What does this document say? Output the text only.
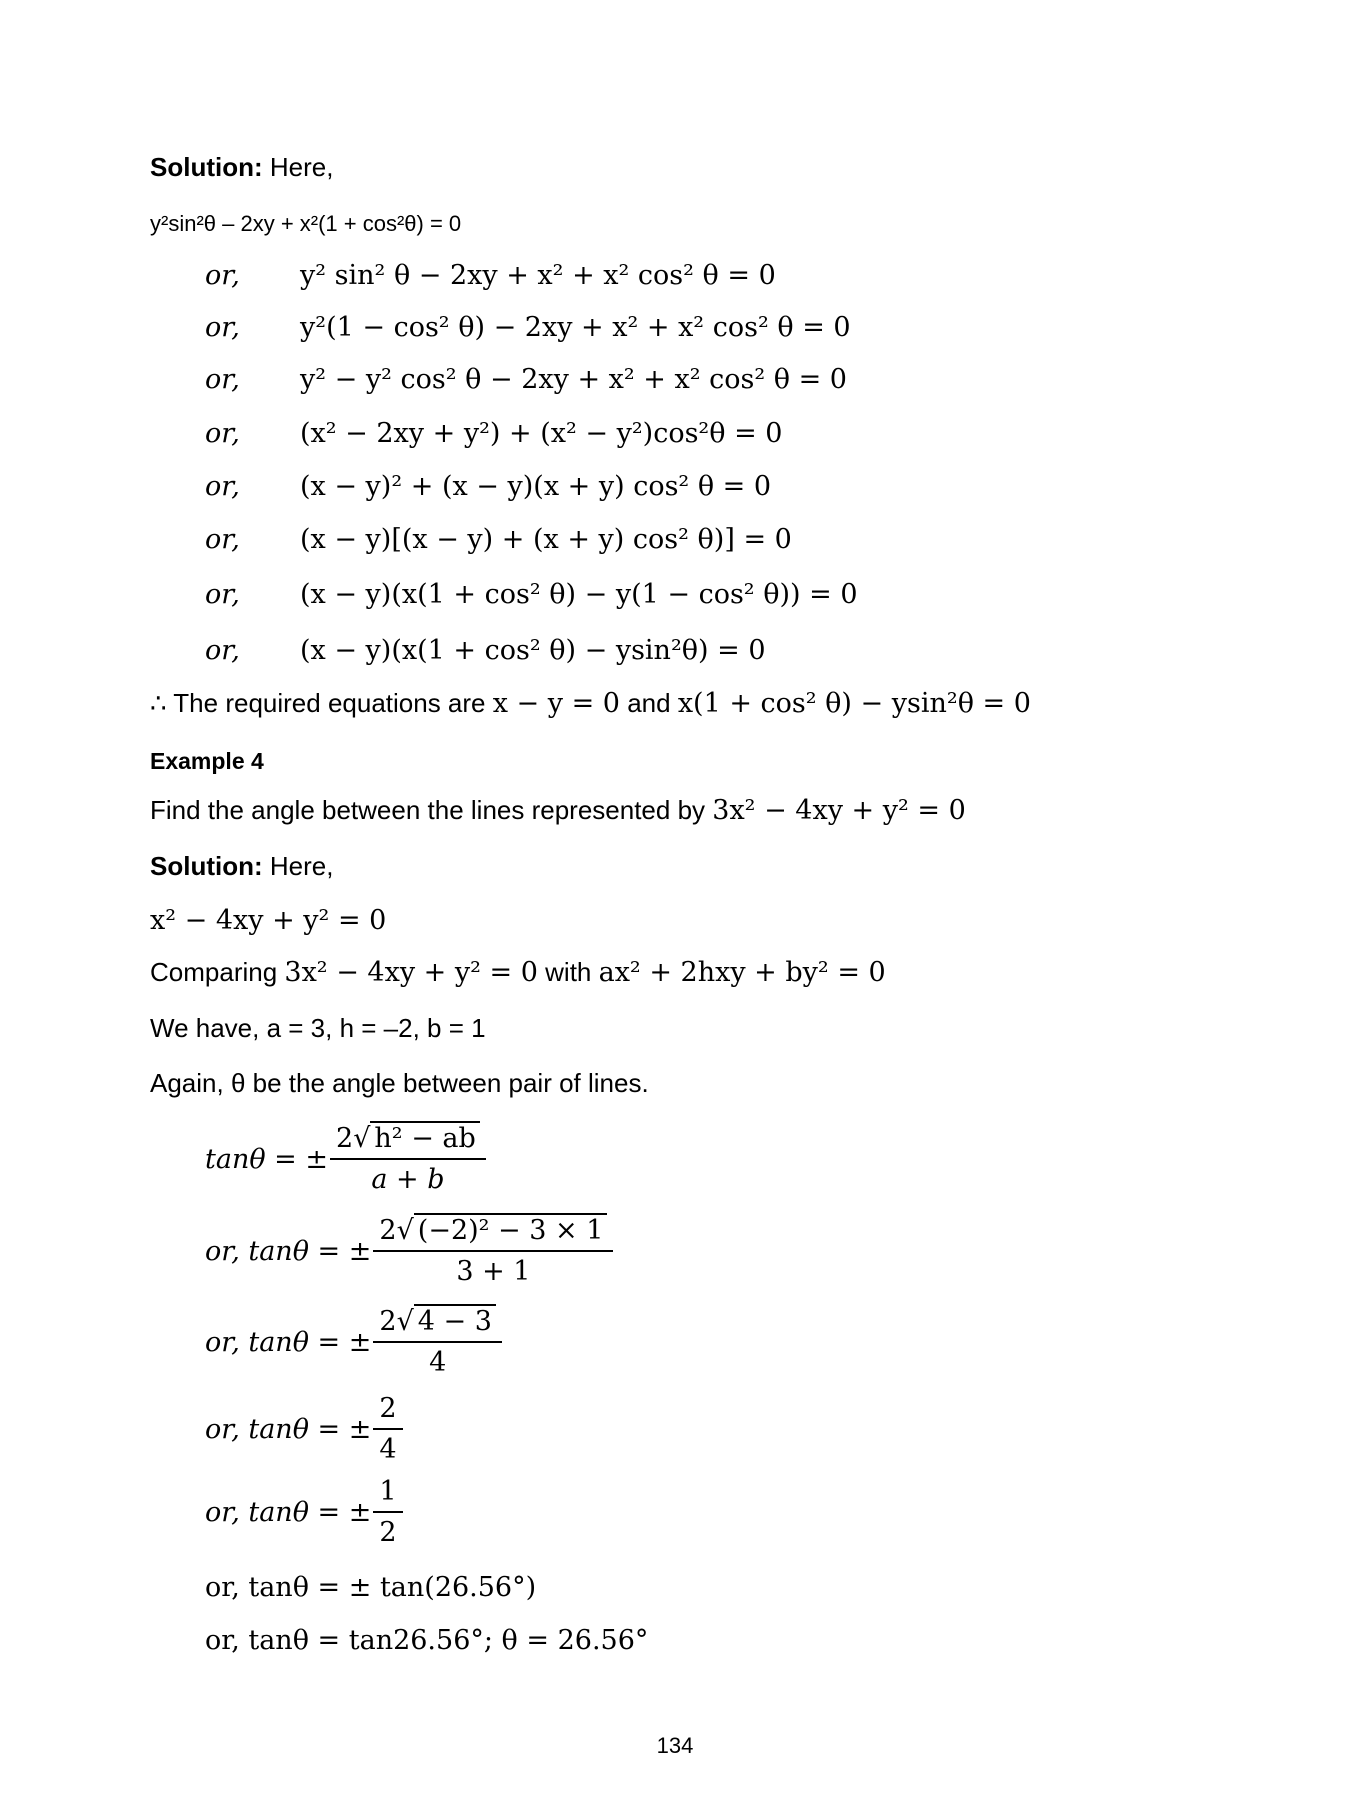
Solution: Here,
y²sin²θ – 2xy + x²(1 + cos²θ) = 0
or, y² sin² θ − 2xy + x² + x² cos² θ = 0
or, y²(1 − cos² θ) − 2xy + x² + x² cos² θ = 0
or, y² − y² cos² θ − 2xy + x² + x² cos² θ = 0
or, (x² − 2xy + y²) + (x² − y²)cos²θ = 0
or, (x − y)² + (x − y)(x + y) cos² θ = 0
or, (x − y)[(x − y) + (x + y) cos² θ)] = 0
or, (x − y)(x(1 + cos² θ) − y(1 − cos² θ)) = 0
or, (x − y)(x(1 + cos² θ) − ysin²θ) = 0
∴ The required equations are x − y = 0 and x(1 + cos² θ) − ysin²θ = 0
Example 4
Find the angle between the lines represented by 3x² − 4xy + y² = 0
Solution: Here,
x² − 4xy + y² = 0
Comparing 3x² − 4xy + y² = 0 with ax² + 2hxy + by² = 0
We have, a = 3, h = –2, b = 1
Again, θ be the angle between pair of lines.
tanθ = ± $\frac{\text{2√ h² − ab}}{a + b}$
or, tanθ = ± $\frac{\text{2√ (−2)² − 3 × 1}}{3 + 1}$
or, tanθ = ± $\frac{2√ 4 - 3}{4}$
or, tanθ = ± $\frac{2}{4}$
or, tanθ = ± $\frac{1}{2}$
or, tanθ = ± tan(26.56°)
or, tanθ = tan26.56°; θ = 26.56°
134
